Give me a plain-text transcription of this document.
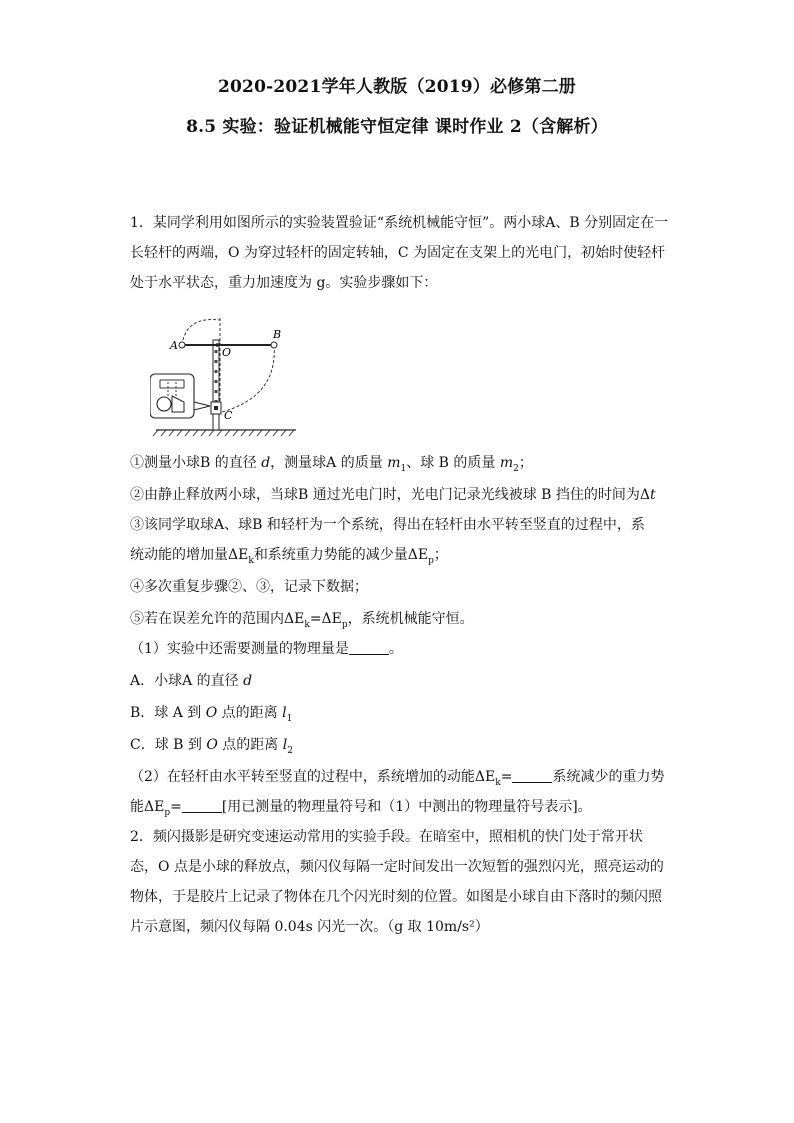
2020-2021学年人教版（2019）必修第二册
8.5 实验：验证机械能守恒定律 课时作业 2（含解析）
1．某同学利用如图所示的实验装置验证“系统机械能守恒”。两小球A、B 分别固定在一长轻杆的两端，O 为穿过轻杆的固定转轴，C 为固定在支架上的光电门，初始时使轻杆处于水平状态，重力加速度为 g。实验步骤如下：
A
B
O
C
①测量小球B 的直径 d，测量球A 的质量 $m_1$、球 B 的质量 $m_2$；
②由静止释放两小球，当球B 通过光电门时，光电门记录光线被球 B 挡住的时间为Δt
③该同学取球A、球B 和轻杆为一个系统，得出在轻杆由水平转至竖直的过程中，系
统动能的增加量$\Delta E_k$和系统重力势能的减少量$\Delta E_p$；
④多次重复步骤②、③，记录下数据；
⑤若在误差允许的范围内$\Delta E_k=\Delta E_p$，系统机械能守恒。
（1）实验中还需要测量的物理量是	。
A．小球A 的直径 d
B．球 A 到 O 点的距离 $l_1$
C．球 B 到 O 点的距离 $l_2$
（2）在轻杆由水平转至竖直的过程中，系统增加的动能$\Delta E_k=$	系统减少的重力势
能$\Delta E_p=$	[用已测量的物理量符号和（1）中测出的物理量符号表示]。
2．频闪摄影是研究变速运动常用的实验手段。在暗室中，照相机的快门处于常开状态，O 点是小球的释放点，频闪仪每隔一定时间发出一次短暂的强烈闪光，照亮运动的物体，于是胶片上记录了物体在几个闪光时刻的位置。如图是小球自由下落时的频闪照片示意图，频闪仪每隔 0.04s 闪光一次。（g 取 10m/s²）
